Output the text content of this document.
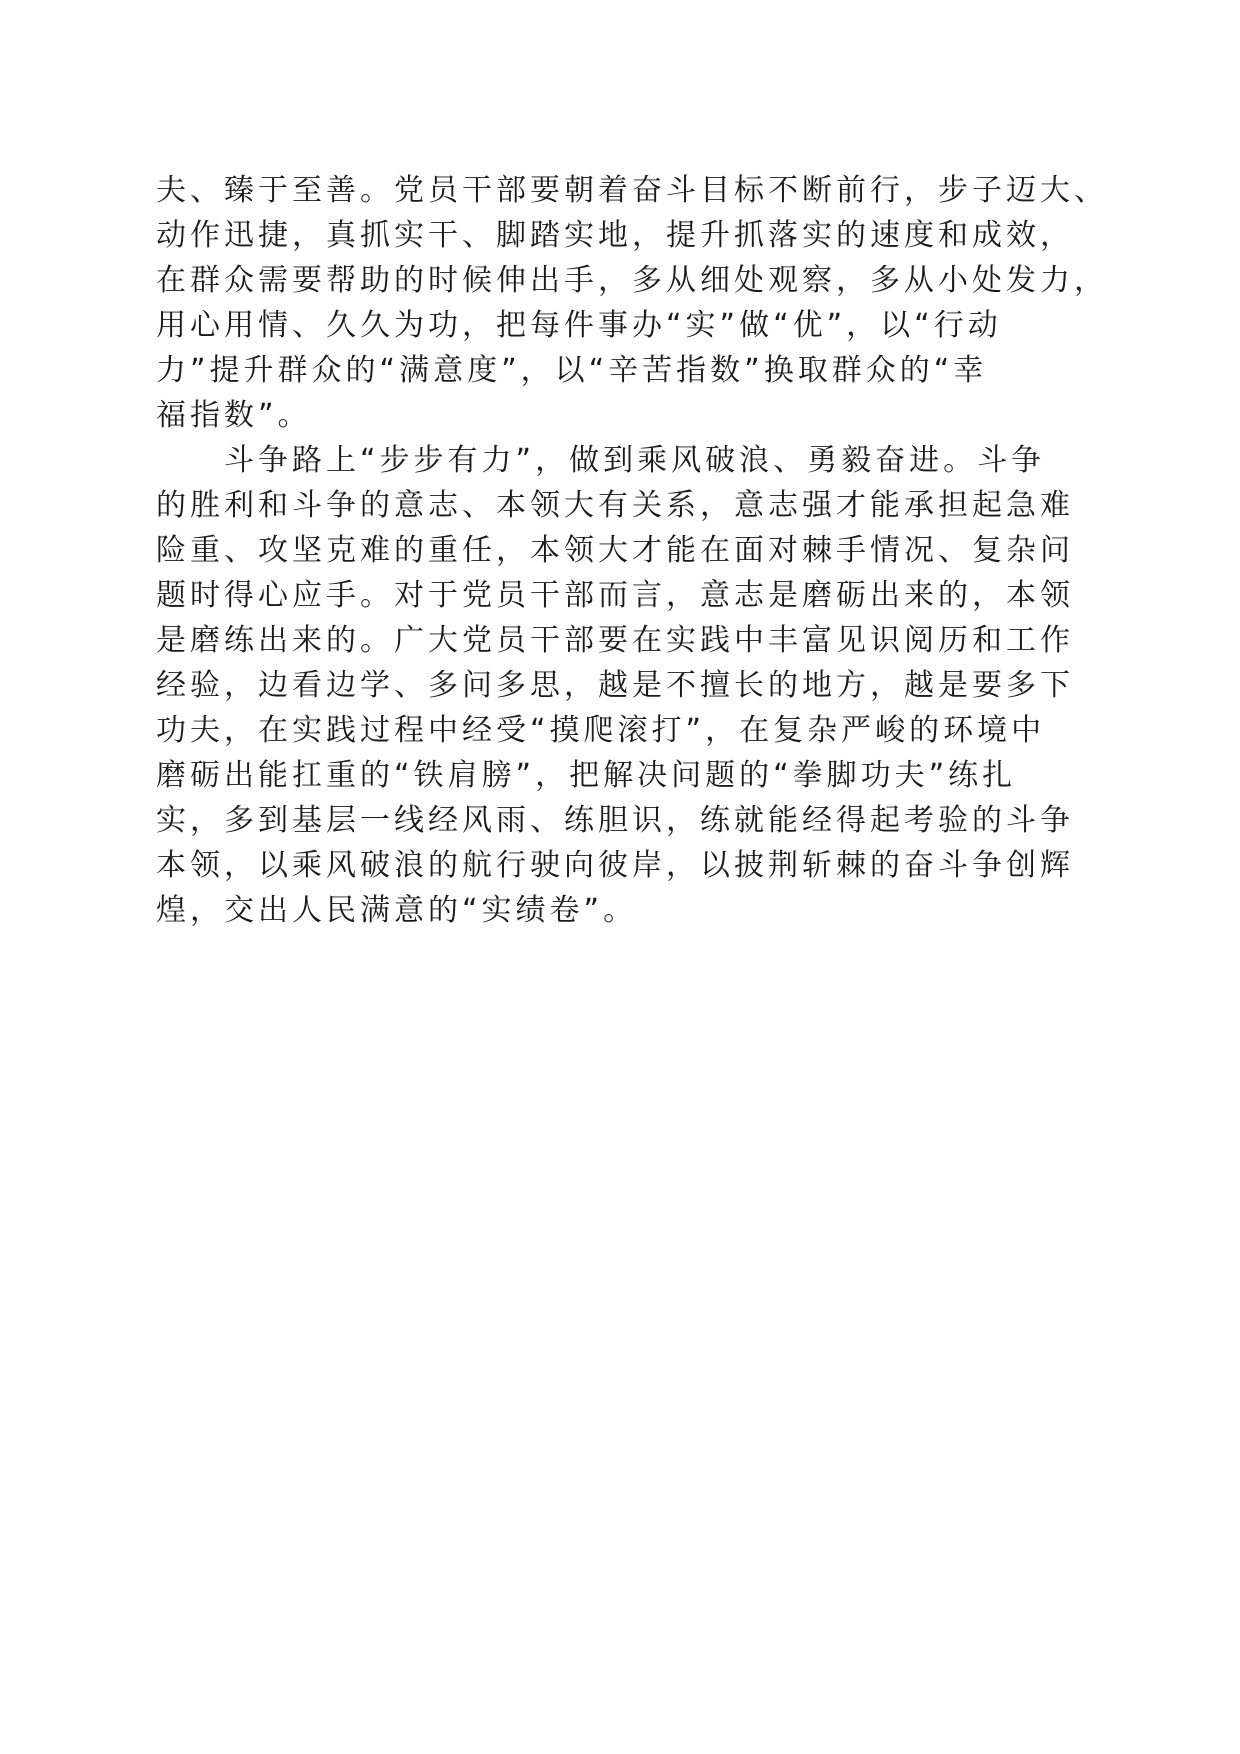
夫、臻于至善。党员干部要朝着奋斗目标不断前行，步子迈大、
动作迅捷，真抓实干、脚踏实地，提升抓落实的速度和成效，
在群众需要帮助的时候伸出手，多从细处观察，多从小处发力，
用心用情、久久为功，把每件事办“实”做“优”，以“行动
力”提升群众的“满意度”，以“辛苦指数”换取群众的“幸
福指数”。

　　斗争路上“步步有力”，做到乘风破浪、勇毅奋进。斗争
的胜利和斗争的意志、本领大有关系，意志强才能承担起急难
险重、攻坚克难的重任，本领大才能在面对棘手情况、复杂问
题时得心应手。对于党员干部而言，意志是磨砺出来的，本领
是磨练出来的。广大党员干部要在实践中丰富见识阅历和工作
经验，边看边学、多问多思，越是不擅长的地方，越是要多下
功夫，在实践过程中经受“摸爬滚打”，在复杂严峻的环境中
磨砺出能扛重的“铁肩膀”，把解决问题的“拳脚功夫”练扎
实，多到基层一线经风雨、练胆识，练就能经得起考验的斗争
本领，以乘风破浪的航行驶向彼岸，以披荆斩棘的奋斗争创辉
煌，交出人民满意的“实绩卷”。
